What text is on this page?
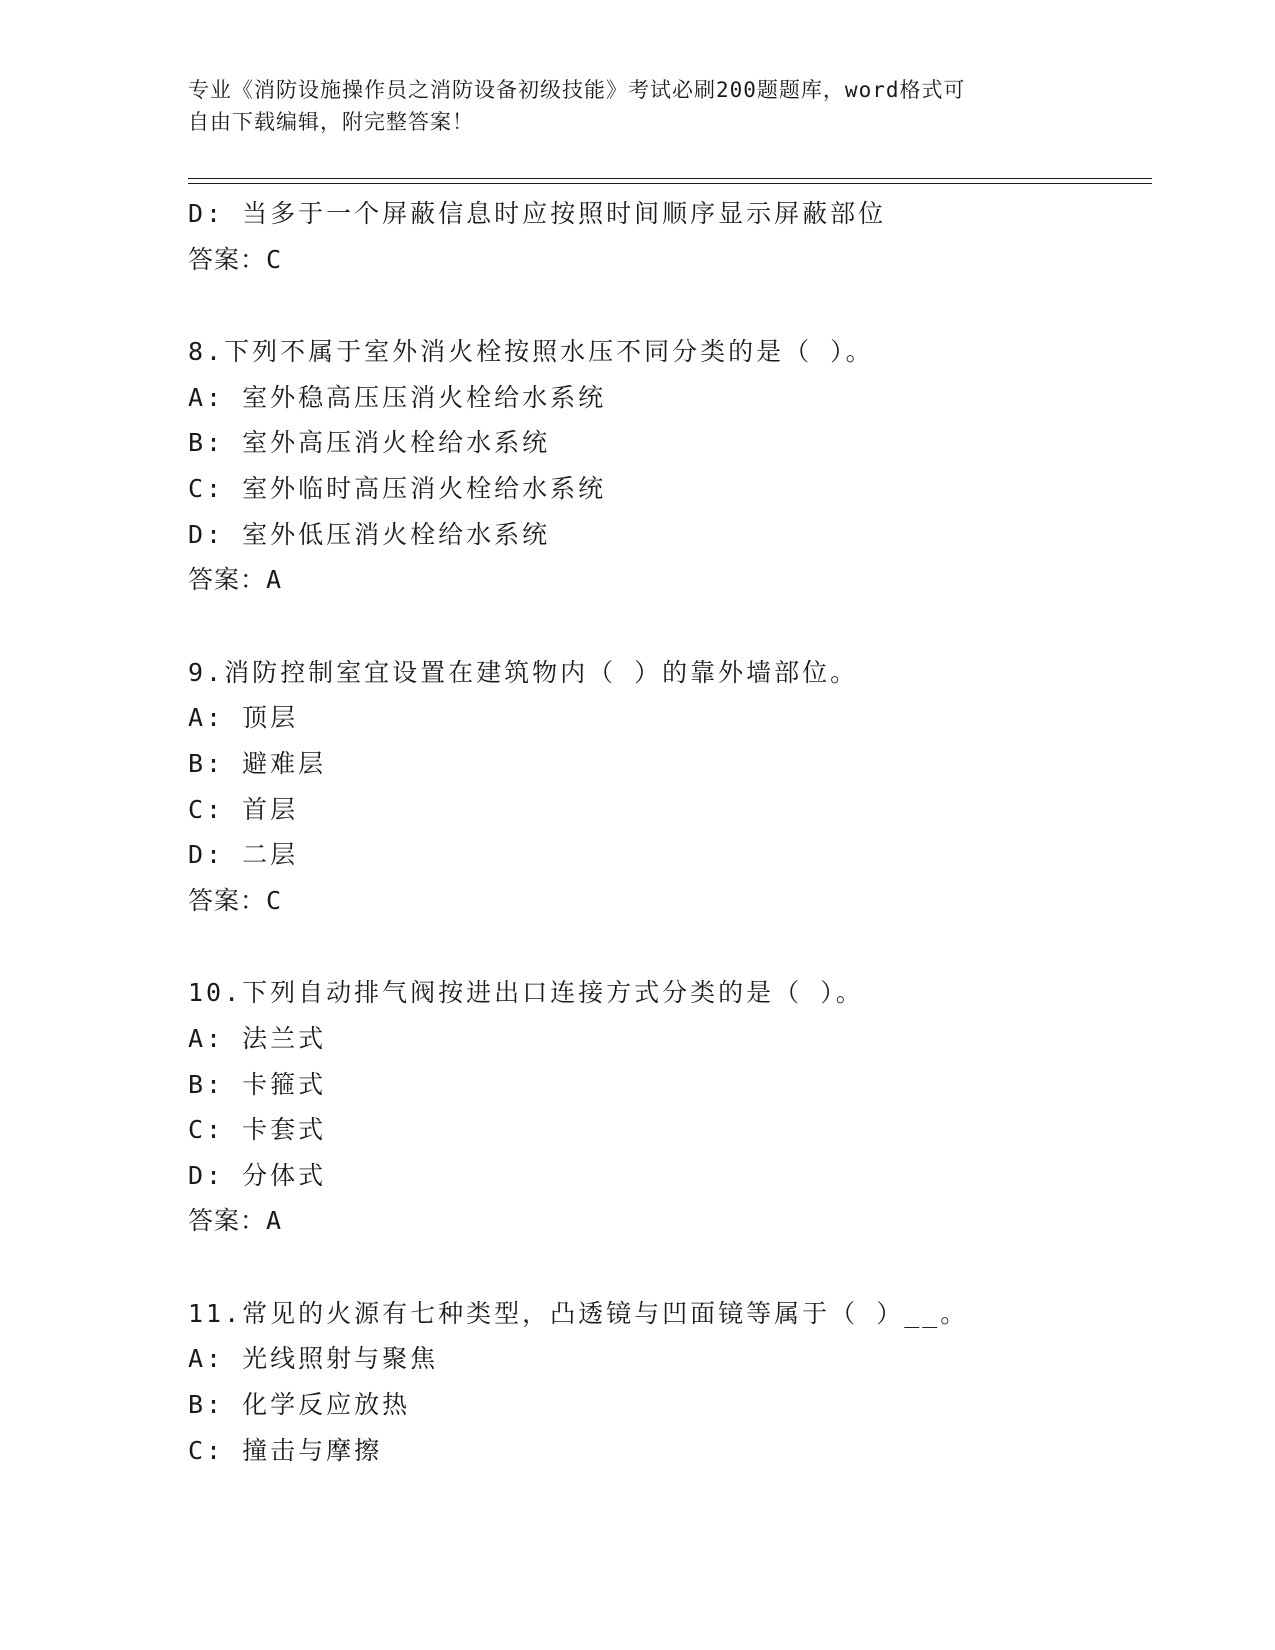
专业《消防设施操作员之消防设备初级技能》考试必刷200题题库，word格式可
自由下载编辑，附完整答案！
D: 当多于一个屏蔽信息时应按照时间顺序显示屏蔽部位
答案：C
8.下列不属于室外消火栓按照水压不同分类的是（ ）。
A: 室外稳高压压消火栓给水系统
B: 室外高压消火栓给水系统
C: 室外临时高压消火栓给水系统
D: 室外低压消火栓给水系统
答案：A
9.消防控制室宜设置在建筑物内（ ）的靠外墙部位。
A: 顶层
B: 避难层
C: 首层
D: 二层
答案：C
10.下列自动排气阀按进出口连接方式分类的是（ ）。
A: 法兰式
B: 卡箍式
C: 卡套式
D: 分体式
答案：A
11.常见的火源有七种类型，凸透镜与凹面镜等属于（ ）__。
A: 光线照射与聚焦
B: 化学反应放热
C: 撞击与摩擦
